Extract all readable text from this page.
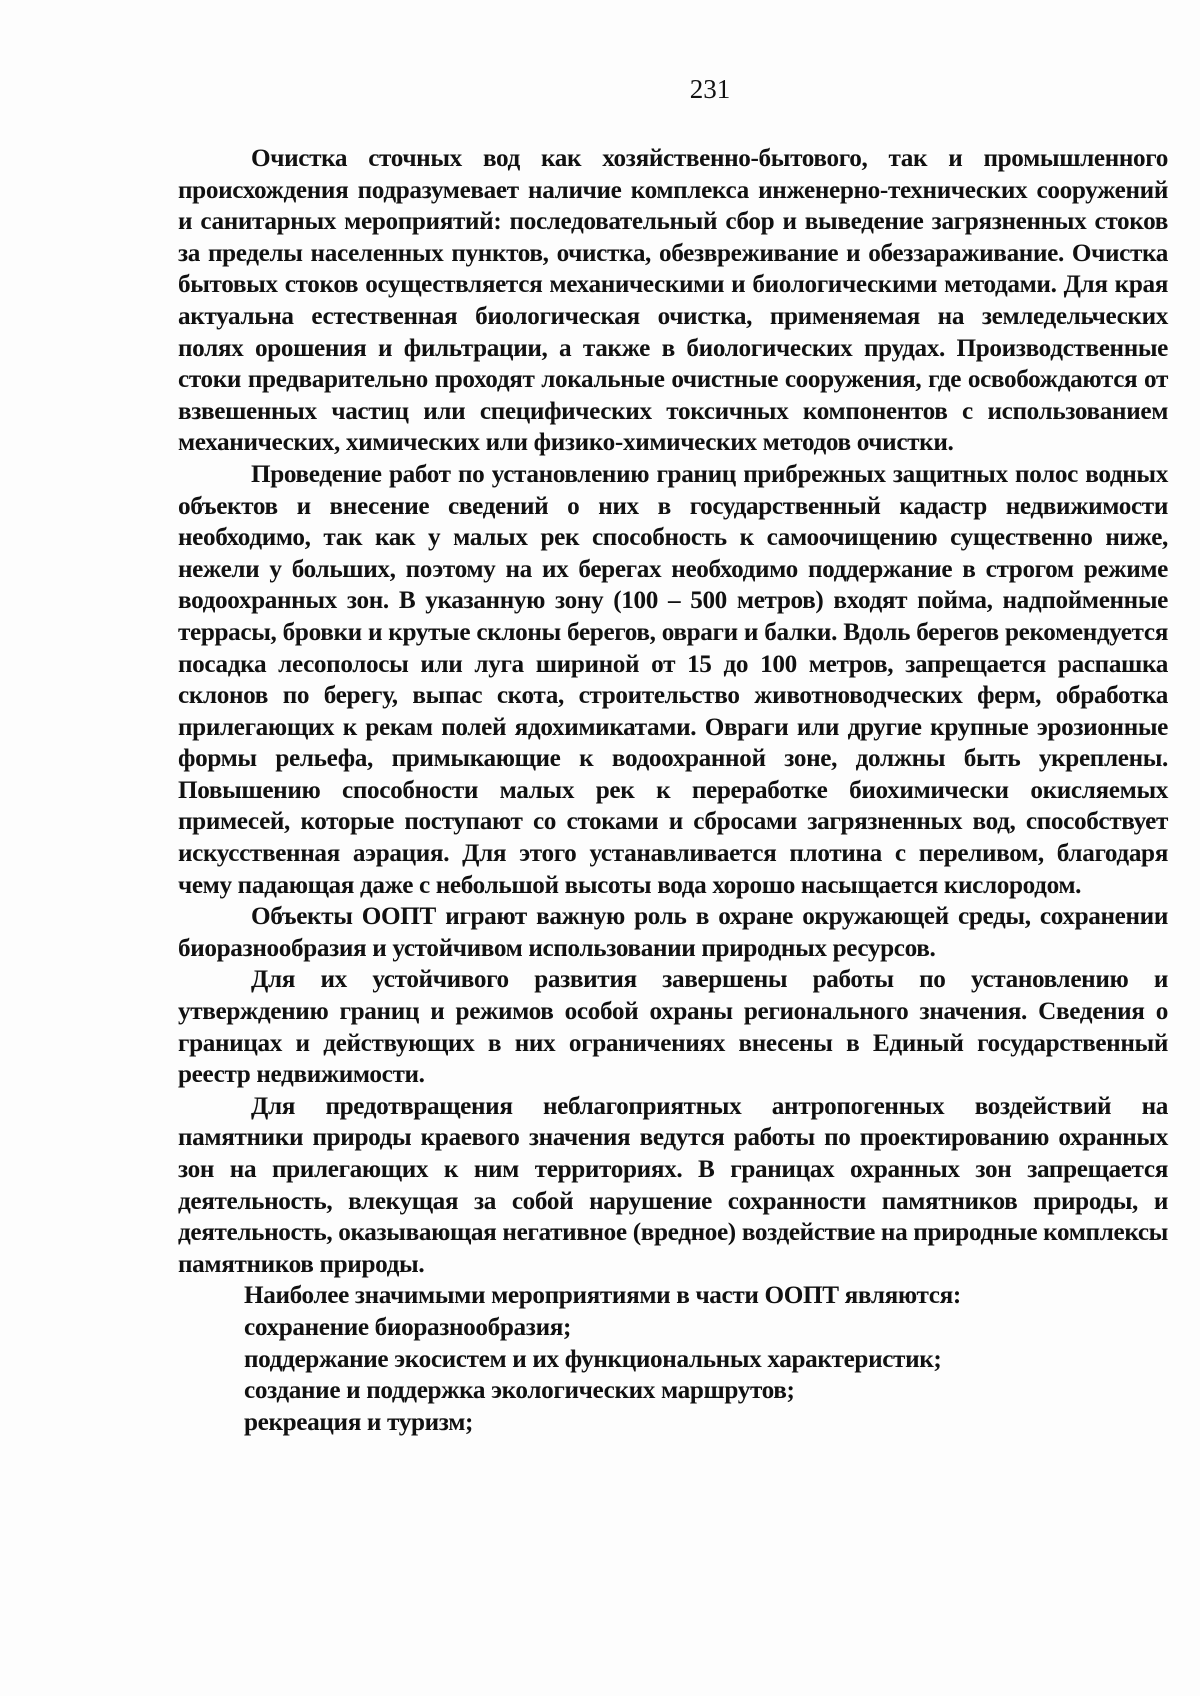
231

Очистка сточных вод как хозяйственно-бытового, так и промышленного происхождения подразумевает наличие комплекса инженерно-технических сооружений и санитарных мероприятий: последовательный сбор и выведение загрязненных стоков за пределы населенных пунктов, очистка, обезвреживание и обеззараживание. Очистка бытовых стоков осуществляется механическими и биологическими методами. Для края актуальна естественная биологическая очистка, применяемая на земледельческих полях орошения и фильтрации, а также в биологических прудах. Производственные стоки предварительно проходят локальные очистные сооружения, где освобождаются от взвешенных частиц или специфических токсичных компонентов с использованием механических, химических или физико-химических методов очистки.

Проведение работ по установлению границ прибрежных защитных полос водных объектов и внесение сведений о них в государственный кадастр недвижимости необходимо, так как у малых рек способность к самоочищению существенно ниже, нежели у больших, поэтому на их берегах необходимо поддержание в строгом режиме водоохранных зон. В указанную зону (100 – 500 метров) входят пойма, надпойменные террасы, бровки и крутые склоны берегов, овраги и балки. Вдоль берегов рекомендуется посадка лесополосы или луга шириной от 15 до 100 метров, запрещается распашка склонов по берегу, выпас скота, строительство животноводческих ферм, обработка прилегающих к рекам полей ядохимикатами. Овраги или другие крупные эрозионные формы рельефа, примыкающие к водоохранной зоне, должны быть укреплены. Повышению способности малых рек к переработке биохимически окисляемых примесей, которые поступают со стоками и сбросами загрязненных вод, способствует искусственная аэрация. Для этого устанавливается плотина с переливом, благодаря чему падающая даже с небольшой высоты вода хорошо насыщается кислородом.

Объекты ООПТ играют важную роль в охране окружающей среды, сохранении биоразнообразия и устойчивом использовании природных ресурсов.

Для их устойчивого развития завершены работы по установлению и утверждению границ и режимов особой охраны регионального значения. Сведения о границах и действующих в них ограничениях внесены в Единый государственный реестр недвижимости.

Для предотвращения неблагоприятных антропогенных воздействий на памятники природы краевого значения ведутся работы по проектированию охранных зон на прилегающих к ним территориях. В границах охранных зон запрещается деятельность, влекущая за собой нарушение сохранности памятников природы, и деятельность, оказывающая негативное (вредное) воздействие на природные комплексы памятников природы.

Наиболее значимыми мероприятиями в части ООПТ являются:

сохранение биоразнообразия;
поддержание экосистем и их функциональных характеристик;
создание и поддержка экологических маршрутов;
рекреация и туризм;
